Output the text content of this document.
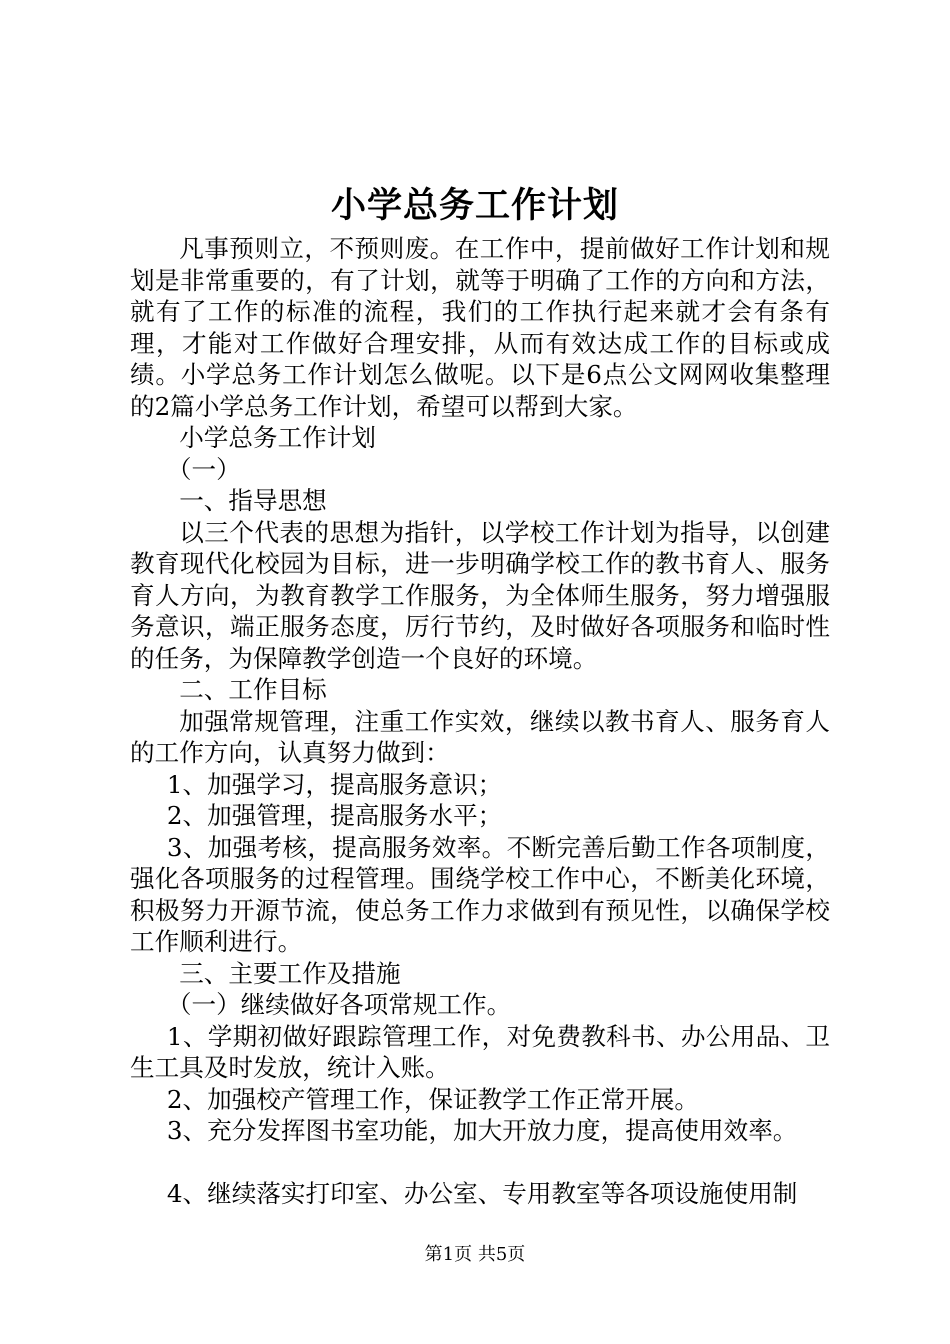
小学总务工作计划

凡事预则立，不预则废。在工作中，提前做好工作计划和规划是非常重要的，有了计划，就等于明确了工作的方向和方法，就有了工作的标准的流程，我们的工作执行起来就才会有条有理，才能对工作做好合理安排，从而有效达成工作的目标或成绩。小学总务工作计划怎么做呢。以下是6点公文网网收集整理的2篇小学总务工作计划，希望可以帮到大家。

小学总务工作计划

（一）

一、指导思想

以三个代表的思想为指针，以学校工作计划为指导，以创建教育现代化校园为目标，进一步明确学校工作的教书育人、服务育人方向，为教育教学工作服务，为全体师生服务，努力增强服务意识，端正服务态度，厉行节约，及时做好各项服务和临时性的任务，为保障教学创造一个良好的环境。

二、工作目标

加强常规管理，注重工作实效，继续以教书育人、服务育人的工作方向，认真努力做到：

1、加强学习，提高服务意识；

2、加强管理，提高服务水平；

3、加强考核，提高服务效率。不断完善后勤工作各项制度，强化各项服务的过程管理。围绕学校工作中心，不断美化环境，积极努力开源节流，使总务工作力求做到有预见性，以确保学校工作顺利进行。

三、主要工作及措施

（一）继续做好各项常规工作。

1、学期初做好跟踪管理工作，对免费教科书、办公用品、卫生工具及时发放，统计入账。

2、加强校产管理工作，保证教学工作正常开展。

3、充分发挥图书室功能，加大开放力度，提高使用效率。

4、继续落实打印室、办公室、专用教室等各项设施使用制

第1页 共5页
